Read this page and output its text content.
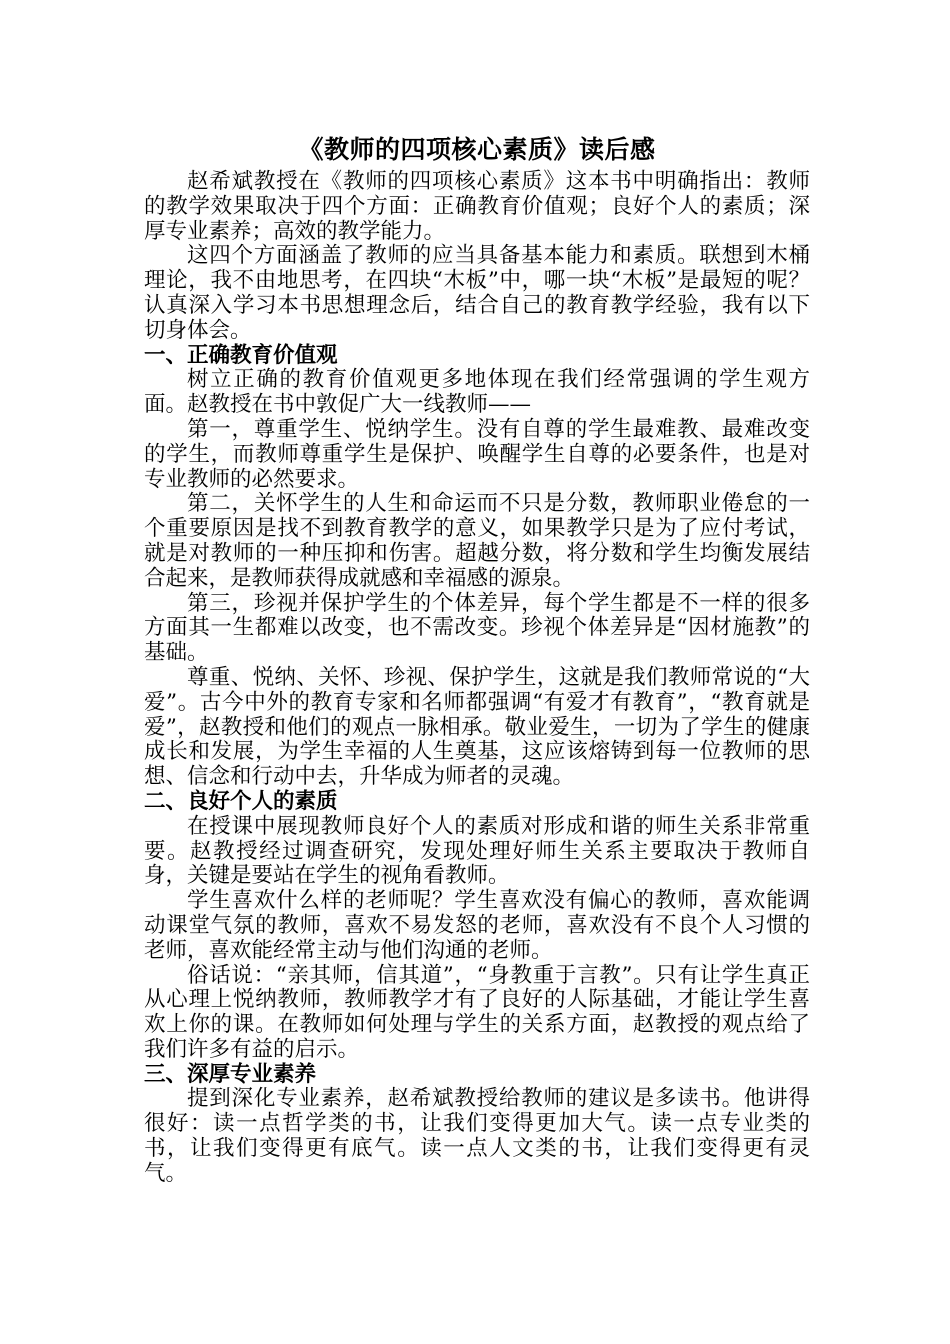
《教师的四项核心素质》读后感

赵希斌教授在《教师的四项核心素质》这本书中明确指出：教师的教学效果取决于四个方面：正确教育价值观；良好个人的素质；深厚专业素养；高效的教学能力。

这四个方面涵盖了教师的应当具备基本能力和素质。联想到木桶理论，我不由地思考，在四块“木板”中，哪一块“木板”是最短的呢？认真深入学习本书思想理念后，结合自己的教育教学经验，我有以下切身体会。

一、正确教育价值观

树立正确的教育价值观更多地体现在我们经常强调的学生观方面。赵教授在书中敦促广大一线教师——

第一，尊重学生、悦纳学生。没有自尊的学生最难教、最难改变的学生，而教师尊重学生是保护、唤醒学生自尊的必要条件，也是对专业教师的必然要求。

第二，关怀学生的人生和命运而不只是分数，教师职业倦怠的一个重要原因是找不到教育教学的意义，如果教学只是为了应付考试，就是对教师的一种压抑和伤害。超越分数，将分数和学生均衡发展结合起来，是教师获得成就感和幸福感的源泉。

第三，珍视并保护学生的个体差异，每个学生都是不一样的很多方面其一生都难以改变，也不需改变。珍视个体差异是“因材施教”的基础。

尊重、悦纳、关怀、珍视、保护学生，这就是我们教师常说的“大爱”。古今中外的教育专家和名师都强调“有爱才有教育”，“教育就是爱”，赵教授和他们的观点一脉相承。敬业爱生，一切为了学生的健康成长和发展，为学生幸福的人生奠基，这应该熔铸到每一位教师的思想、信念和行动中去，升华成为师者的灵魂。

二、良好个人的素质

在授课中展现教师良好个人的素质对形成和谐的师生关系非常重要。赵教授经过调查研究，发现处理好师生关系主要取决于教师自身，关键是要站在学生的视角看教师。

学生喜欢什么样的老师呢？学生喜欢没有偏心的教师，喜欢能调动课堂气氛的教师，喜欢不易发怒的老师，喜欢没有不良个人习惯的老师，喜欢能经常主动与他们沟通的老师。

俗话说：“亲其师，信其道”，“身教重于言教”。只有让学生真正从心理上悦纳教师，教师教学才有了良好的人际基础，才能让学生喜欢上你的课。在教师如何处理与学生的关系方面，赵教授的观点给了我们许多有益的启示。

三、深厚专业素养

提到深化专业素养，赵希斌教授给教师的建议是多读书。他讲得很好：读一点哲学类的书，让我们变得更加大气。读一点专业类的书，让我们变得更有底气。读一点人文类的书，让我们变得更有灵气。
